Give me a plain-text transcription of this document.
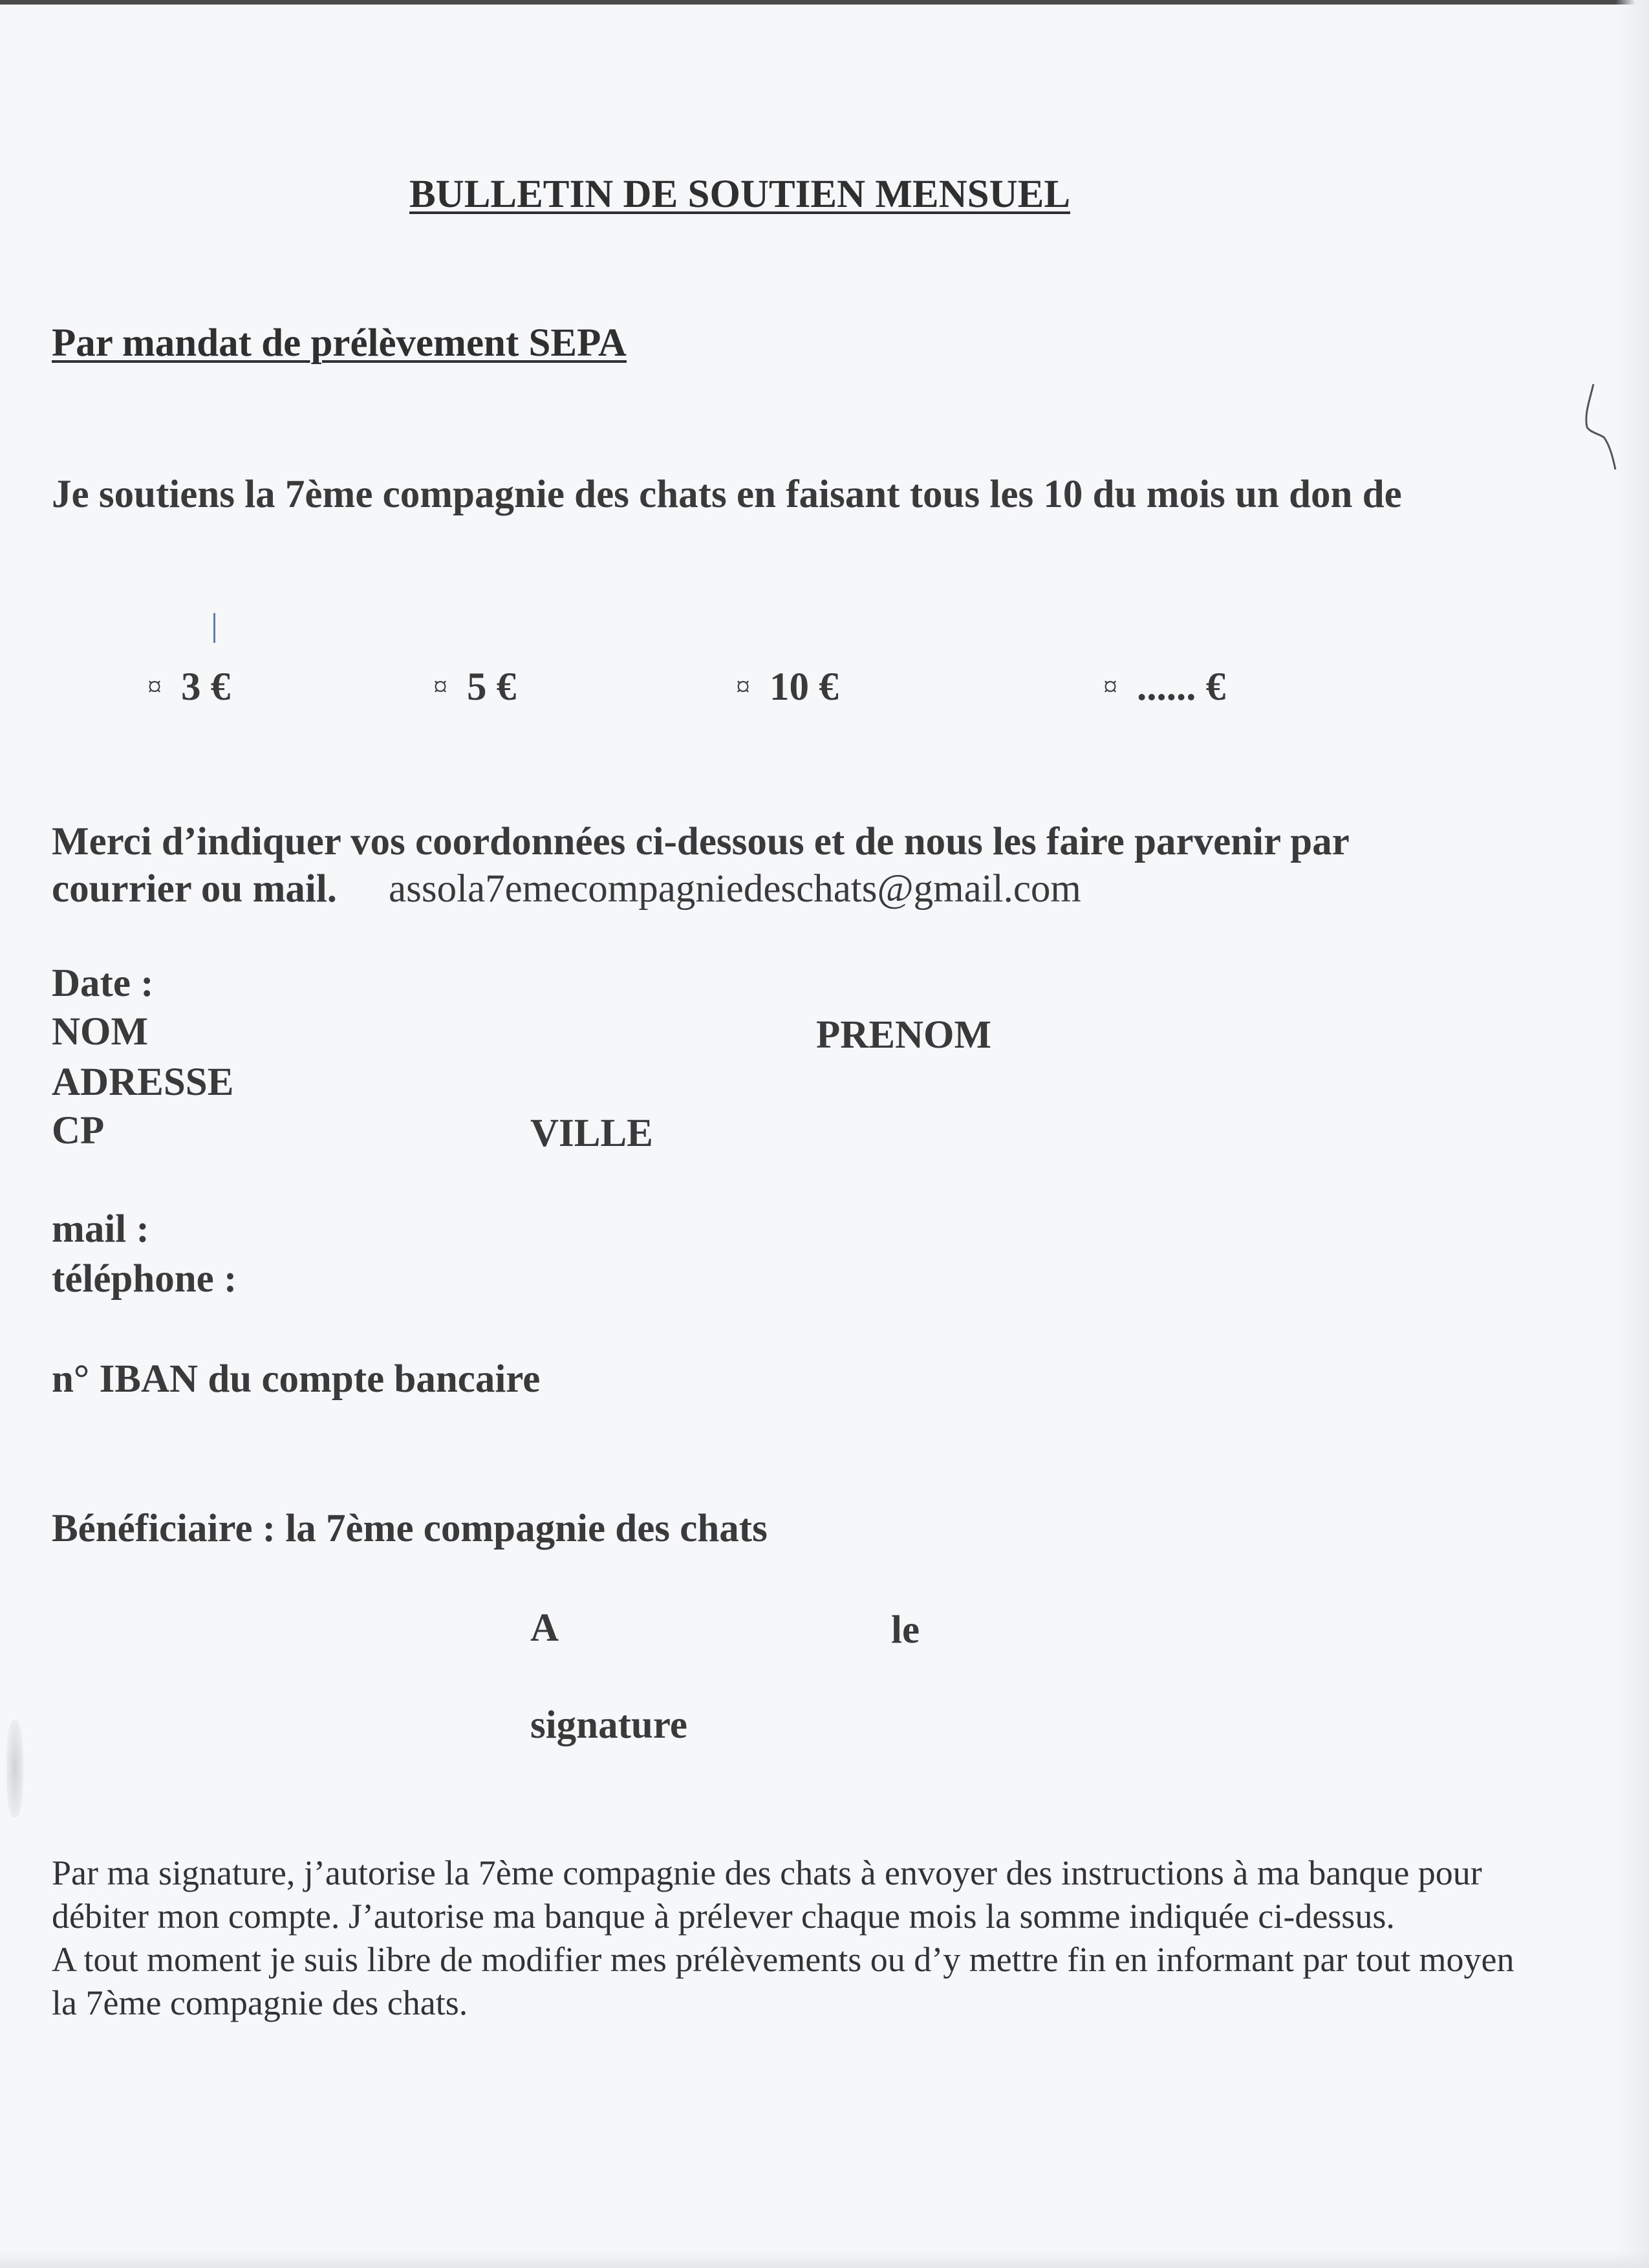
BULLETIN DE SOUTIEN MENSUEL
Par mandat de prélèvement SEPA

Je soutiens la 7ème compagnie des chats en faisant tous les 10 du mois un don de

¤ 3 €	¤ 5 €	¤ 10 €	¤ ...... €
Merci d’indiquer vos coordonnées ci-dessous et de nous les faire parvenir par
courrier ou mail. assola7emecompagniedeschats@gmail.com
Date :
NOM	PRENOM
ADRESSE
CP	VILLE
mail :
téléphone :
n° IBAN du compte bancaire
Bénéficiaire : la 7ème compagnie des chats
A	le
signature

Par ma signature, j’autorise la 7ème compagnie des chats à envoyer des instructions à ma banque pour débiter mon compte. J’autorise ma banque à prélever chaque mois la somme indiquée ci-dessus.

A tout moment je suis libre de modifier mes prélèvements ou d’y mettre fin en informant par tout moyen la 7ème compagnie des chats.
